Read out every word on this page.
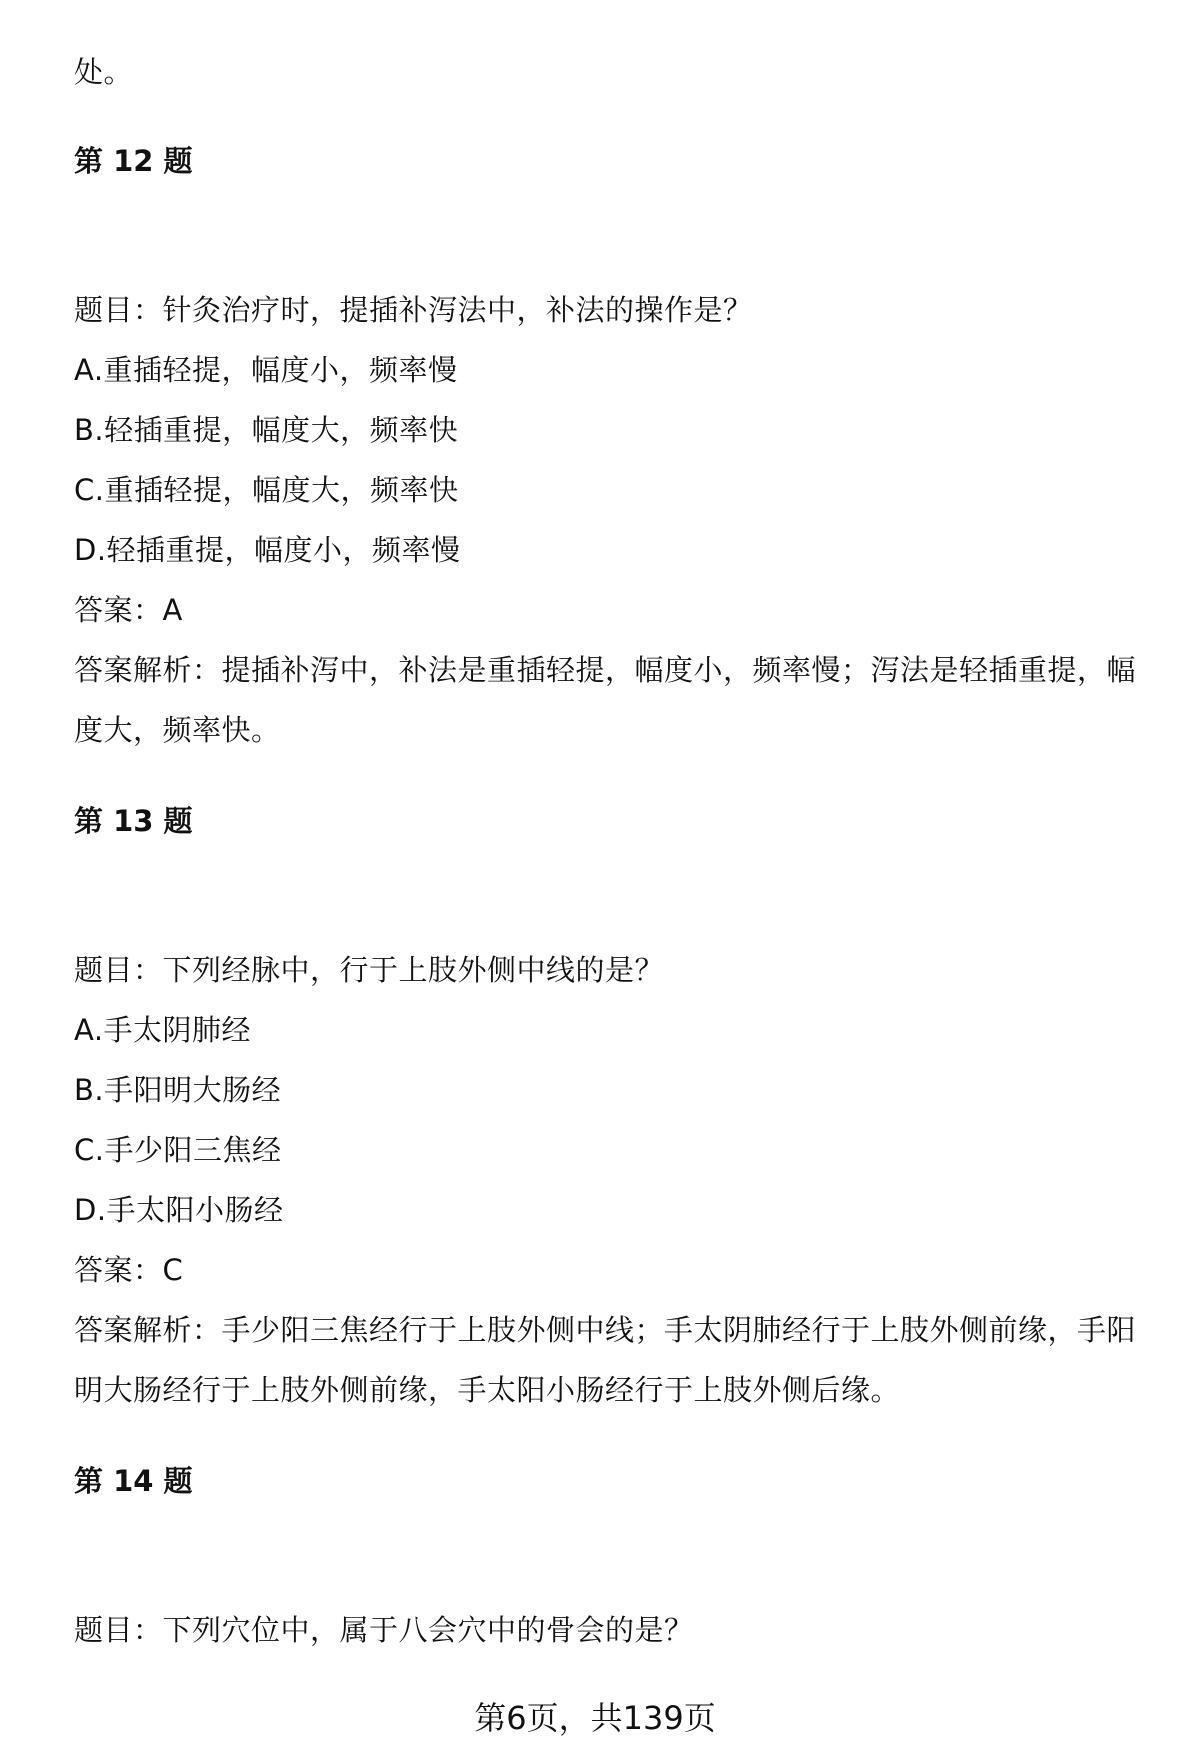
处。
第 12 题
题目：针灸治疗时，提插补泻法中，补法的操作是？
A.重插轻提，幅度小，频率慢
B.轻插重提，幅度大，频率快
C.重插轻提，幅度大，频率快
D.轻插重提，幅度小，频率慢
答案：A
答案解析：提插补泻中，补法是重插轻提，幅度小，频率慢；泻法是轻插重提，幅
度大，频率快。
第 13 题
题目：下列经脉中，行于上肢外侧中线的是？
A.手太阴肺经
B.手阳明大肠经
C.手少阳三焦经
D.手太阳小肠经
答案：C
答案解析：手少阳三焦经行于上肢外侧中线；手太阴肺经行于上肢外侧前缘，手阳
明大肠经行于上肢外侧前缘，手太阳小肠经行于上肢外侧后缘。
第 14 题
题目：下列穴位中，属于八会穴中的骨会的是？
第6页，共139页
